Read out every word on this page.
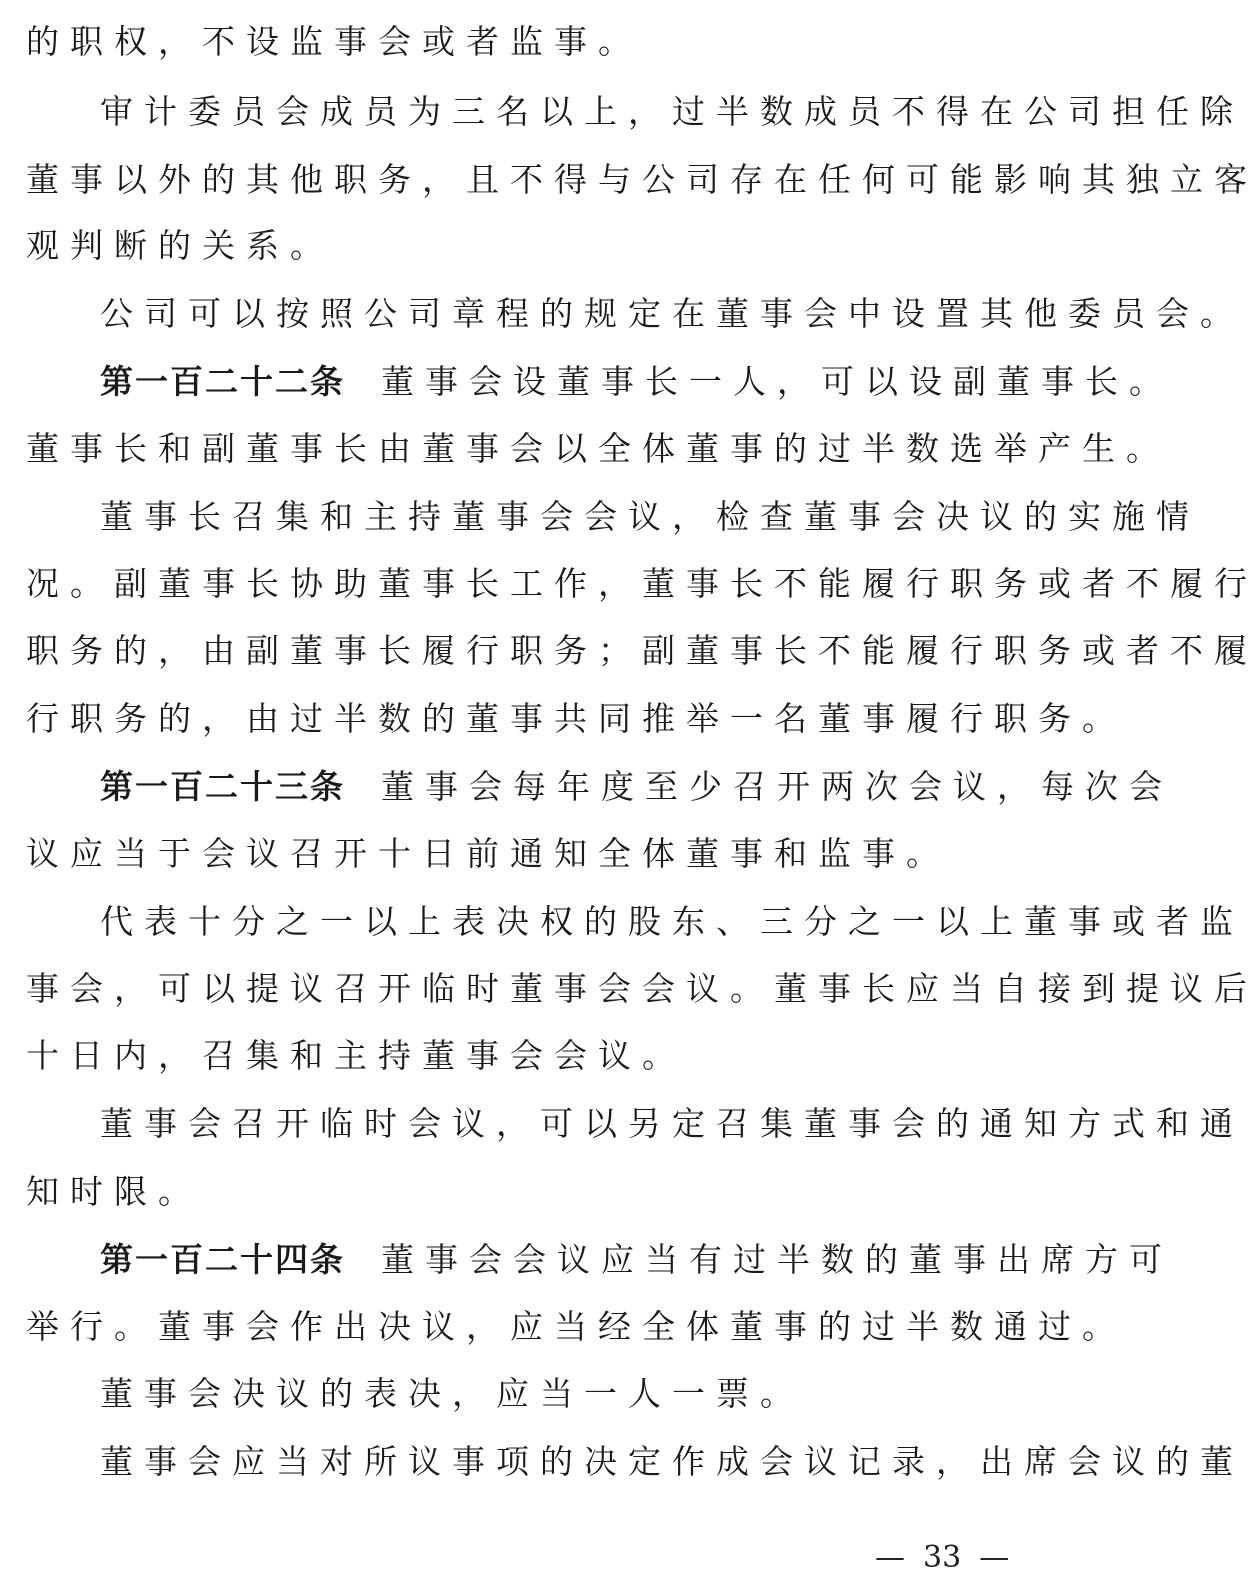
的职权，不设监事会或者监事。
审计委员会成员为三名以上，过半数成员不得在公司担任除
董事以外的其他职务，且不得与公司存在任何可能影响其独立客
观判断的关系。
公司可以按照公司章程的规定在董事会中设置其他委员会。
第一百二十二条 董事会设董事长一人，可以设副董事长。
董事长和副董事长由董事会以全体董事的过半数选举产生。
董事长召集和主持董事会会议，检查董事会决议的实施情
况。副董事长协助董事长工作，董事长不能履行职务或者不履行
职务的，由副董事长履行职务；副董事长不能履行职务或者不履
行职务的，由过半数的董事共同推举一名董事履行职务。
第一百二十三条 董事会每年度至少召开两次会议，每次会
议应当于会议召开十日前通知全体董事和监事。
代表十分之一以上表决权的股东、三分之一以上董事或者监
事会，可以提议召开临时董事会会议。董事长应当自接到提议后
十日内，召集和主持董事会会议。
董事会召开临时会议，可以另定召集董事会的通知方式和通
知时限。
第一百二十四条 董事会会议应当有过半数的董事出席方可
举行。董事会作出决议，应当经全体董事的过半数通过。
董事会决议的表决，应当一人一票。
董事会应当对所议事项的决定作成会议记录，出席会议的董
— 33 —
